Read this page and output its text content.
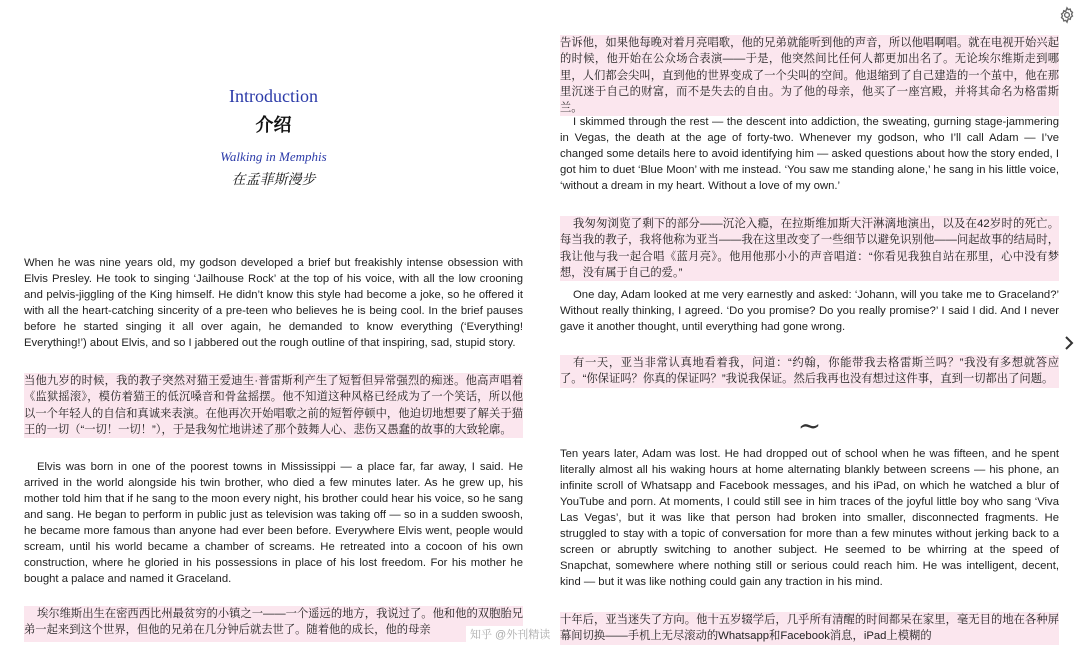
Introduction
介绍
Walking in Memphis
在孟菲斯漫步

When he was nine years old, my godson developed a brief but freakishly intense obsession with Elvis Presley. He took to singing ‘Jailhouse Rock’ at the top of his voice, with all the low crooning and pelvis-jiggling of the King himself. He didn’t know this style had become a joke, so he offered it with all the heart-catching sincerity of a pre-teen who believes he is being cool. In the brief pauses before he started singing it all over again, he demanded to know everything (‘Everything! Everything!’) about Elvis, and so I jabbered out the rough outline of that inspiring, sad, stupid story.

当他九岁的时候，我的教子突然对猫王爱迪生·普雷斯利产生了短暂但异常强烈的痴迷。他高声唱着《监狱摇滚》，模仿着猫王的低沉嗓音和骨盆摇摆。他不知道这种风格已经成为了一个笑话，所以他以一个年轻人的自信和真诚来表演。在他再次开始唱歌之前的短暂停顿中，他迫切地想要了解关于猫王的一切（“一切！一切！”），于是我匆忙地讲述了那个鼓舞人心、悲伤又愚蠢的故事的大致轮廓。

Elvis was born in one of the poorest towns in Mississippi — a place far, far away, I said. He arrived in the world alongside his twin brother, who died a few minutes later. As he grew up, his mother told him that if he sang to the moon every night, his brother could hear his voice, so he sang and sang. He began to perform in public just as television was taking off — so in a sudden swoosh, he became more famous than anyone had ever been before. Everywhere Elvis went, people would scream, until his world became a chamber of screams. He retreated into a cocoon of his own construction, where he gloried in his possessions in place of his lost freedom. For his mother he bought a palace and named it Graceland.

埃尔维斯出生在密西西比州最贫穷的小镇之一——一个遥远的地方，我说过了。他和他的双胞胎兄弟一起来到这个世界，但他的兄弟在几分钟后就去世了。随着他的成长，他的母亲

告诉他，如果他每晚对着月亮唱歌，他的兄弟就能听到他的声音，所以他唱啊唱。就在电视开始兴起的时候，他开始在公众场合表演——于是，他突然间比任何人都更加出名了。无论埃尔维斯走到哪里，人们都会尖叫，直到他的世界变成了一个尖叫的空间。他退缩到了自己建造的一个茧中，他在那里沉迷于自己的财富，而不是失去的自由。为了他的母亲，他买了一座宫殿，并将其命名为格雷斯兰。

I skimmed through the rest — the descent into addiction, the sweating, gurning stage-jammering in Vegas, the death at the age of forty-two. Whenever my godson, who I’ll call Adam — I’ve changed some details here to avoid identifying him — asked questions about how the story ended, I got him to duet ‘Blue Moon’ with me instead. ‘You saw me standing alone,’ he sang in his little voice, ‘without a dream in my heart. Without a love of my own.’

我匆匆浏览了剩下的部分——沉沦入瘾，在拉斯维加斯大汗淋漓地演出，以及在42岁时的死亡。每当我的教子，我将他称为亚当——我在这里改变了一些细节以避免识别他——问起故事的结局时，我让他与我一起合唱《蓝月亮》。他用他那小小的声音唱道：“你看见我独自站在那里，心中没有梦想，没有属于自己的爱。”

One day, Adam looked at me very earnestly and asked: ‘Johann, will you take me to Graceland?’ Without really thinking, I agreed. ‘Do you promise? Do you really promise?’ I said I did. And I never gave it another thought, until everything had gone wrong.

有一天，亚当非常认真地看着我，问道：“约翰，你能带我去格雷斯兰吗？”我没有多想就答应了。“你保证吗？你真的保证吗？”我说我保证。然后我再也没有想过这件事，直到一切都出了问题。

~

Ten years later, Adam was lost. He had dropped out of school when he was fifteen, and he spent literally almost all his waking hours at home alternating blankly between screens — his phone, an infinite scroll of Whatsapp and Facebook messages, and his iPad, on which he watched a blur of YouTube and porn. At moments, I could still see in him traces of the joyful little boy who sang ‘Viva Las Vegas’, but it was like that person had broken into smaller, disconnected fragments. He struggled to stay with a topic of conversation for more than a few minutes without jerking back to a screen or abruptly switching to another subject. He seemed to be whirring at the speed of Snapchat, somewhere where nothing still or serious could reach him. He was intelligent, decent, kind — but it was like nothing could gain any traction in his mind.

十年后，亚当迷失了方向。他十五岁辍学后，几乎所有清醒的时间都呆在家里，毫无目的地在各种屏幕间切换——手机上无尽滚动的Whatsapp和Facebook消息，iPad上模糊的

知乎 @外刊精读
